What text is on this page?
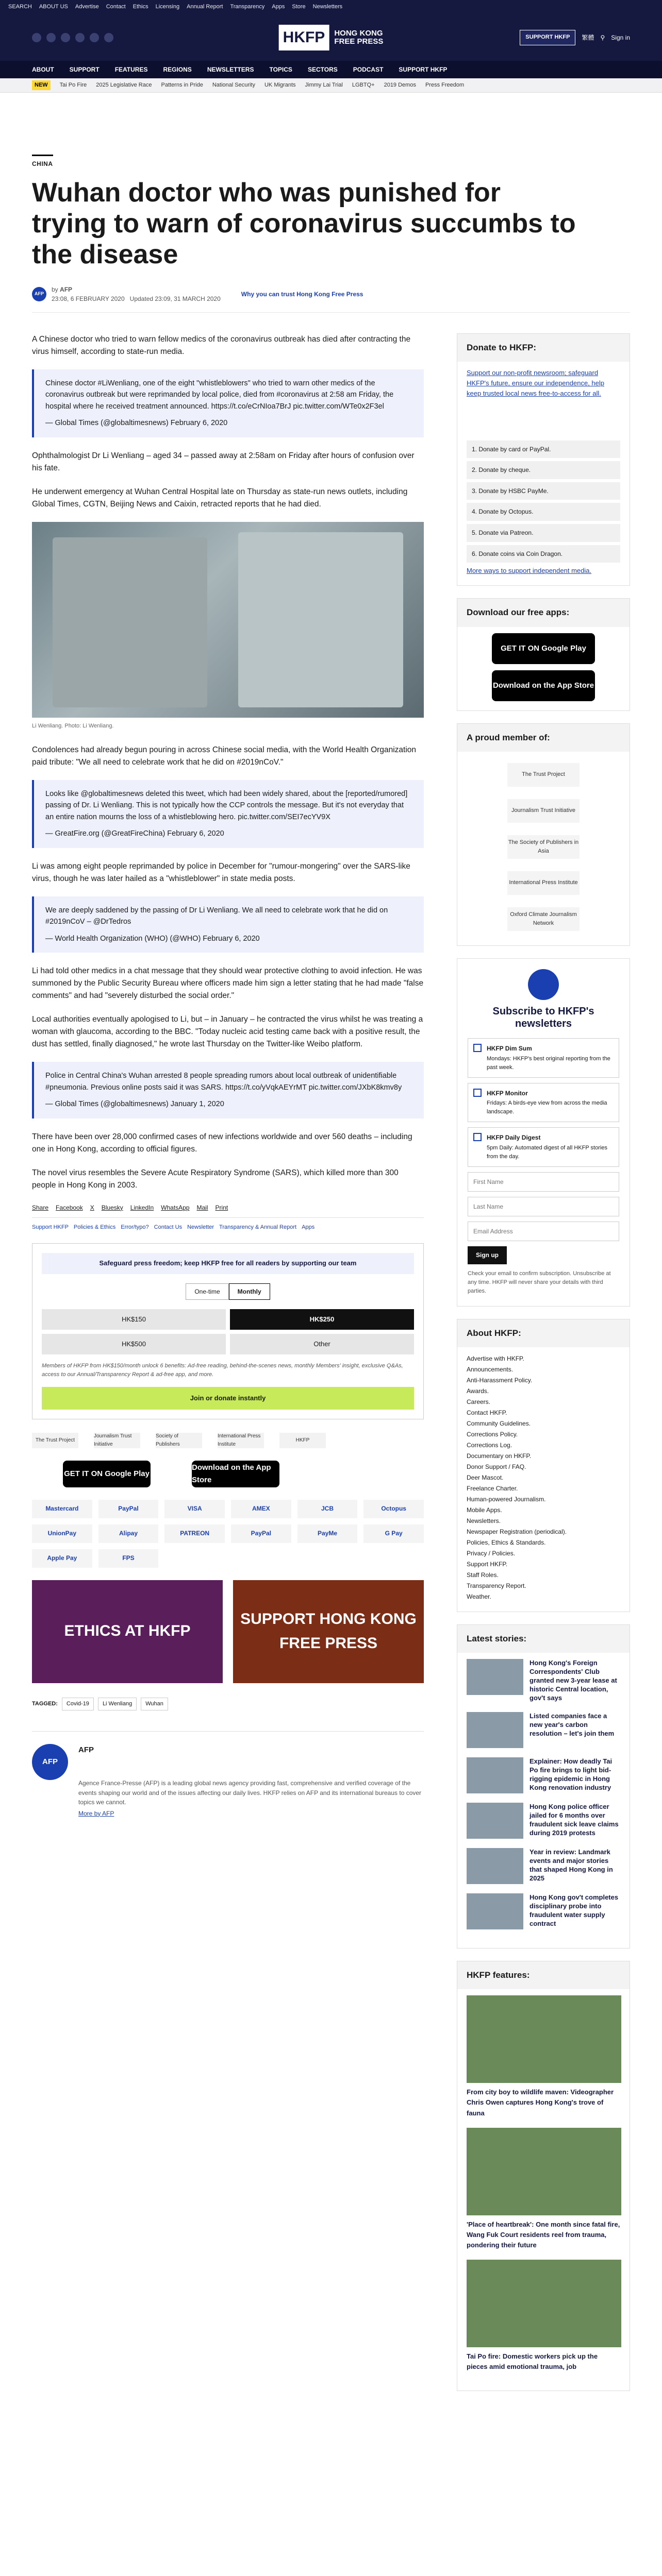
SEARCH ABOUT US Advertise Contact Ethics Licensing Annual Report Transparency Apps Store Newsletters
HKFP	HONG KONG
FREE PRESS	SUPPORT HKFP	繁體 ⚲ Sign in
ABOUT	SUPPORT	FEATURES	REGIONS	NEWSLETTERS	TOPICS	SECTORS	PODCAST	SUPPORT HKFP
NEW	Tai Po Fire 2025 Legislative Race Patterns in Pride National Security UK Migrants Jimmy Lai Trial LGBTQ+ 2019 Demos Press Freedom
CHINA
Wuhan doctor who was punished for trying to warn of coronavirus succumbs to the disease
AFP
by AFP
23:08, 6 FEBRUARY 2020 Updated 23:09, 31 MARCH 2020
Why you can trust Hong Kong Free Press

A Chinese doctor who tried to warn fellow medics of the coronavirus outbreak has died after contracting the virus himself, according to state-run media.

Chinese doctor #LiWenliang, one of the eight "whistleblowers" who tried to warn other medics of the coronavirus outbreak but were reprimanded by local police, died from #coronavirus at 2:58 am Friday, the hospital where he received treatment announced. https://t.co/eCrNIoa7BrJ pic.twitter.com/WTe0x2F3el
— Global Times (@globaltimesnews) February 6, 2020

Ophthalmologist Dr Li Wenliang – aged 34 – passed away at 2:58am on Friday after hours of confusion over his fate.

He underwent emergency at Wuhan Central Hospital late on Thursday as state-run news outlets, including Global Times, CGTN, Beijing News and Caixin, retracted reports that he had died.

Li Wenliang. Photo: Li Wenliang.

Condolences had already begun pouring in across Chinese social media, with the World Health Organization paid tribute: "We all need to celebrate work that he did on #2019nCoV."

Looks like @globaltimesnews deleted this tweet, which had been widely shared, about the [reported/rumored] passing of Dr. Li Wenliang. This is not typically how the CCP controls the message. But it's not everyday that an entire nation mourns the loss of a whistleblowing hero. pic.twitter.com/SEI7ecYV9X
— GreatFire.org (@GreatFireChina) February 6, 2020

Li was among eight people reprimanded by police in December for "rumour-mongering" over the SARS-like virus, though he was later hailed as a "whistleblower" in state media posts.

We are deeply saddened by the passing of Dr Li Wenliang. We all need to celebrate work that he did on #2019nCoV – @DrTedros
— World Health Organization (WHO) (@WHO) February 6, 2020

Li had told other medics in a chat message that they should wear protective clothing to avoid infection. He was summoned by the Public Security Bureau where officers made him sign a letter stating that he had made "false comments" and had "severely disturbed the social order."

Local authorities eventually apologised to Li, but – in January – he contracted the virus whilst he was treating a woman with glaucoma, according to the BBC. "Today nucleic acid testing came back with a positive result, the dust has settled, finally diagnosed," he wrote last Thursday on the Twitter-like Weibo platform.

Police in Central China's Wuhan arrested 8 people spreading rumors about local outbreak of unidentifiable #pneumonia. Previous online posts said it was SARS. https://t.co/yVqkAEYrMT pic.twitter.com/JXbK8kmv8y
— Global Times (@globaltimesnews) January 1, 2020

There have been over 28,000 confirmed cases of new infections worldwide and over 560 deaths – including one in Hong Kong, according to official figures.

The novel virus resembles the Severe Acute Respiratory Syndrome (SARS), which killed more than 300 people in Hong Kong in 2003.

Share Facebook X Bluesky LinkedIn WhatsApp Mail Print
Support HKFP Policies & Ethics Error/typo? Contact Us Newsletter Transparency & Annual Report Apps
Safeguard press freedom; keep HKFP free for all readers by supporting our team
One-time	Monthly
HK$150	HK$250
HK$500	Other
Members of HKFP from HK$150/month unlock 6 benefits: Ad-free reading, behind-the-scenes news, monthly Members' insight, exclusive Q&As, access to our Annual/Transparency Report & ad-free app, and more.
Join or donate instantly
The Trust Project
Journalism Trust Initiative
Society of Publishers
International Press Institute
HKFP
GET IT ON Google Play
Download on the App Store
Mastercard	PayPal	VISA	AMEX	JCB	Octopus
UnionPay	Alipay	PATREON	PayPal	PayMe	G Pay
Apple Pay	FPS
ETHICS AT HKFP
SUPPORT HONG KONG FREE PRESS
TAGGED:	Covid-19	Li Wenliang	Wuhan
AFP
AFP
Agence France-Presse (AFP) is a leading global news agency providing fast, comprehensive and verified coverage of the events shaping our world and of the issues affecting our daily lives. HKFP relies on AFP and its international bureaus to cover topics we cannot.
More by AFP
Donate to HKFP:
Support our non-profit newsroom; safeguard HKFP's future, ensure our independence, help keep trusted local news free-to-access for all.
1. Donate by card or PayPal.
2. Donate by cheque.
3. Donate by HSBC PayMe.
4. Donate by Octopus.
5. Donate via Patreon.
6. Donate coins via Coin Dragon.
More ways to support independent media.
Download our free apps:
GET IT ON Google Play
Download on the App Store
A proud member of:
The Trust Project
Journalism Trust Initiative
The Society of Publishers in Asia
International Press Institute
Oxford Climate Journalism Network
Subscribe to HKFP's newsletters
HKFP Dim Sum
Mondays: HKFP's best original reporting from the past week.
HKFP Monitor
Fridays: A birds-eye view from across the media landscape.
HKFP Daily Digest
5pm Daily: Automated digest of all HKFP stories from the day.
First Name Last Name Email Address Sign up
Check your email to confirm subscription. Unsubscribe at any time. HKFP will never share your details with third parties.
About HKFP:
Advertise with HKFP.
Announcements.
Anti-Harassment Policy.
Awards.
Careers.
Contact HKFP.
Community Guidelines.
Corrections Policy.
Corrections Log.
Documentary on HKFP.
Donor Support / FAQ.
Deer Mascot.
Freelance Charter.
Human-powered Journalism.
Mobile Apps.
Newsletters.
Newspaper Registration (periodical).
Policies, Ethics & Standards.
Privacy / Policies.
Support HKFP.
Staff Roles.
Transparency Report.
Weather.
Latest stories:
Hong Kong's Foreign Correspondents' Club granted new 3-year lease at historic Central location, gov't says
Listed companies face a new year's carbon resolution – let's join them
Explainer: How deadly Tai Po fire brings to light bid-rigging epidemic in Hong Kong renovation industry
Hong Kong police officer jailed for 6 months over fraudulent sick leave claims during 2019 protests
Year in review: Landmark events and major stories that shaped Hong Kong in 2025
Hong Kong gov't completes disciplinary probe into fraudulent water supply contract
HKFP features:
From city boy to wildlife maven: Videographer Chris Owen captures Hong Kong's trove of fauna
'Place of heartbreak': One month since fatal fire, Wang Fuk Court residents reel from trauma, pondering their future
Tai Po fire: Domestic workers pick up the pieces amid emotional trauma, job
